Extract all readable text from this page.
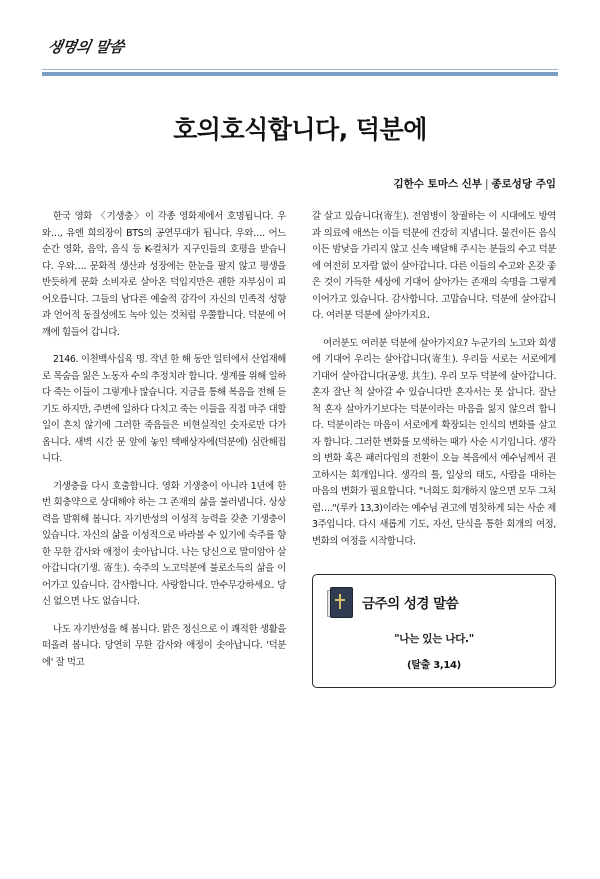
생명의 말씀
호의호식합니다, 덕분에
김한수 토마스 신부 | 종로성당 주임

한국 영화 〈기생충〉이 각종 영화제에서 호명됩니다. 우와…, 유엔 희의장이 BTS의 공연무대가 됩니다. 우와…. 어느 순간 영화, 음악, 음식 등 K-컬처가 지구인들의 호평을 받습니다. 우와…. 문화적 생산과 성장에는 한눈을 팔지 않고 평생을 반듯하게 문화 소비자로 살아온 덕입지만은 괜한 자부심이 피어오릅니다. 그들의 남다른 예술적 감각이 자신의 민족적 성향과 언어적 동질성에도 녹아 있는 것처럼 우쭐합니다. 덕분에 어깨에 힘들어 갑니다.

2146. 이천백사십육 명. 작년 한 해 동안 일터에서 산업재해로 목숨을 잃은 노동자 수의 추정치라 합니다. 생계를 위해 일하다 죽는 이들이 그렇게나 많습니다. 지금을 통해 복음을 전해 듣기도 하지만, 주변에 일하다 다치고 죽는 이들을 직접 마주 대할 일이 흔치 않기에 그러한 죽음들은 비현실적인 숫자로만 다가옵니다. 새벽 시간 문 앞에 놓인 택배상자에(덕분에) 심란해집니다.

기생충을 다시 호출합니다. 영화 기생충이 아니라 1년에 한 번 회충약으로 상대해야 하는 그 존재의 삶을 불러냅니다. 상상력을 발휘해 봅니다. 자기반성의 이성적 능력을 갖춘 기생충이 있습니다. 자신의 삶을 이성적으로 바라볼 수 있기에 숙주를 향한 무한 감사와 애정이 솟아납니다. 나는 당신으로 말미암아 살아갑니다(기생. 寄生). 숙주의 노고덕분에 불로소득의 삶을 이어가고 있습니다. 감사합니다. 사랑합니다. 만수무강하세요. 당신 없으면 나도 없습니다.

나도 자기반성을 해 봅니다. 맑은 정신으로 이 쾌적한 생활을 떠올려 봅니다. 당연히 무한 감사와 애정이 솟아납니다. '덕분에' 잘 먹고

갈 살고 있습니다(寄生). 전염병이 창궐하는 이 시대에도 방역과 의료에 애쓰는 이들 덕분에 건강히 지냅니다. 물건이든 음식이든 밤낮을 가리지 않고 신속 배달해 주시는 분들의 수고 덕분에 여전히 모자람 없이 살아갑니다. 다른 이들의 수고와 온갖 좋은 것이 가득한 세상에 기대어 살아가는 존재의 숙명을 그렇게 이어가고 있습니다. 감사합니다. 고맙습니다. 덕분에 살아갑니다. 여러분 덕분에 살아가지요.

여러분도 여러분 덕분에 살아가지요? 누군가의 노고와 희생에 기대어 우리는 살아갑니다(寄生). 우리들 서로는 서로에게 기대어 살아갑니다(공생. 共生). 우리 모두 덕분에 살아갑니다. 혼자 잘난 척 살아갈 수 있습니다만 혼자서는 못 삽니다. 잘난 척 혼자 살아가기보다는 덕분이라는 마음을 잃지 않으려 합니다. 덕분이라는 마음이 서로에게 확장되는 인식의 변화를 살고자 합니다. 그러한 변화를 모색하는 때가 사순 시기입니다. 생각의 변화 혹은 패러다임의 전환이 오늘 복음에서 예수님께서 권고하시는 회개입니다. 생각의 틀, 일상의 태도, 사람을 대하는 마음의 변화가 필요합니다. "너희도 회개하지 않으면 모두 그처럼…."(루카 13,3)이라는 예수님 권고에 멈칫하게 되는 사순 제3주입니다. 다시 새롭게 기도, 자선, 단식을 통한 회개의 여정, 변화의 여정을 시작합니다.

금주의 성경 말씀
"나는 있는 나다."
(탈출 3,14)
